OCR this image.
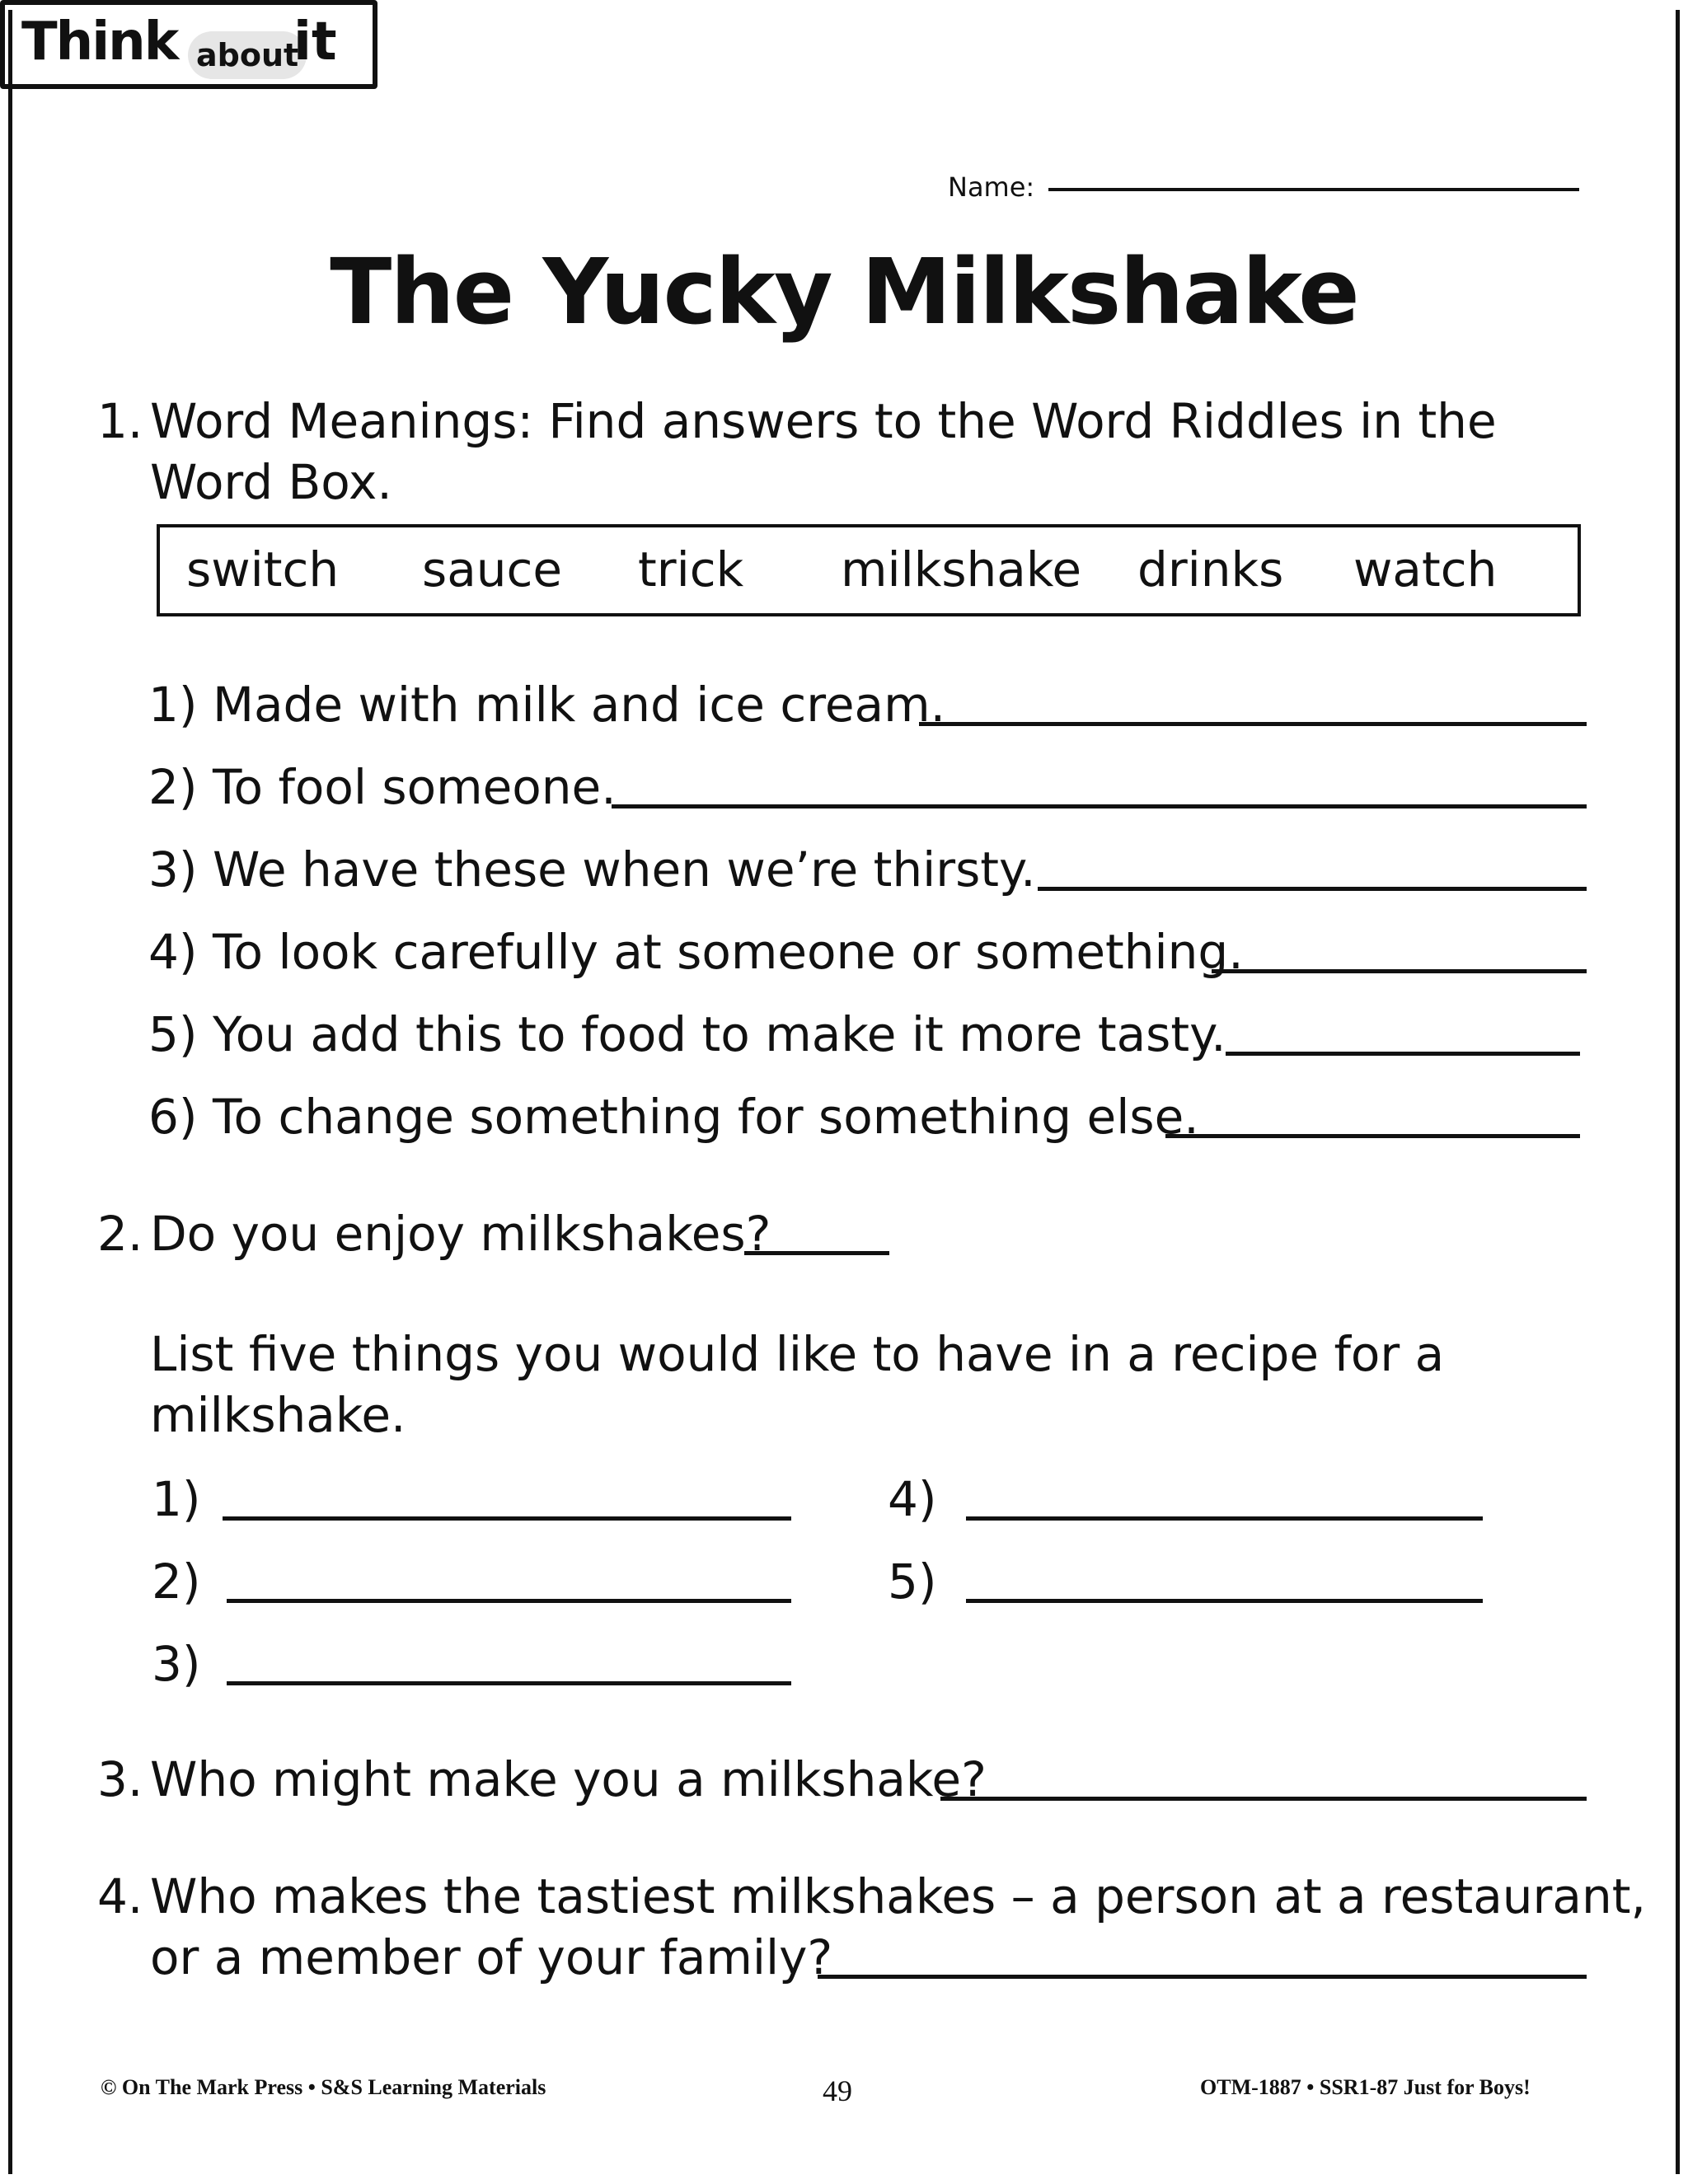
Think about
it
Name:
The Yucky Milkshake
1. Word Meanings: Find answers to the Word Riddles in the
Word Box.
switch sauce trick milkshake drinks watch
1) Made with milk and ice cream.
2) To fool someone.
3) We have these when we’re thirsty.
4) To look carefully at someone or something.
5) You add this to food to make it more tasty.
6) To change something for something else.
2. Do you enjoy milkshakes?
List five things you would like to have in a recipe for a
milkshake.
1)
2)
3)
4)
5)
3. Who might make you a milkshake?
4. Who makes the tastiest milkshakes – a person at a restaurant,
or a member of your family?
© On The Mark Press • S&S Learning Materials	49	OTM-1887 • SSR1-87 Just for Boys!
